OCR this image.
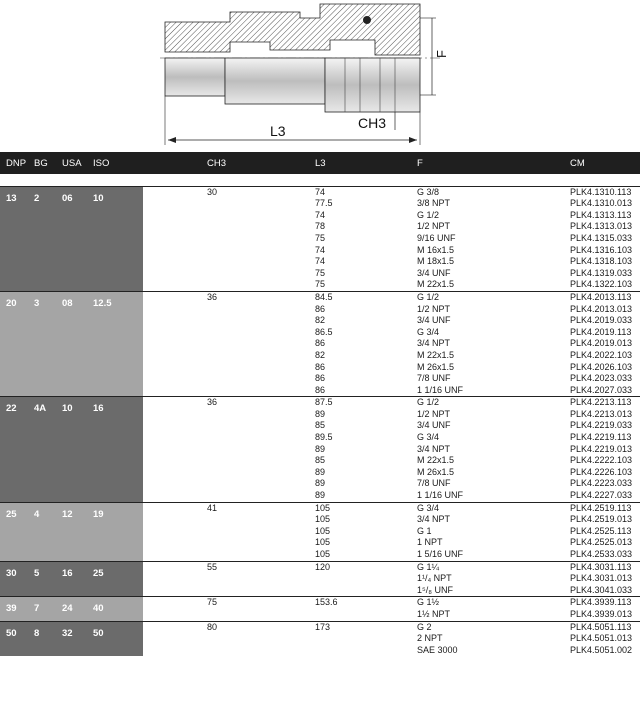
L3	CH3
F
DNP	BG	USA	ISO	CH3	L3	F	CM

13	2	06	10	30	74	G 3/8	PLK4.1310.113
					77.5	3/8 NPT	PLK4.1310.013
					74	G 1/2	PLK4.1313.113
					78	1/2 NPT	PLK4.1313.013
					75	9/16 UNF	PLK4.1315.033
					74	M 16x1.5	PLK4.1316.103
					74	M 18x1.5	PLK4.1318.103
					75	3/4 UNF	PLK4.1319.033
					75	M 22x1.5	PLK4.1322.103
20	3	08	12.5	36	84.5	G 1/2	PLK4.2013.113
					86	1/2 NPT	PLK4.2013.013
					82	3/4 UNF	PLK4.2019.033
					86.5	G 3/4	PLK4.2019.113
					86	3/4 NPT	PLK4.2019.013
					82	M 22x1.5	PLK4.2022.103
					86	M 26x1.5	PLK4.2026.103
					86	7/8 UNF	PLK4.2023.033
					86	1 1/16 UNF	PLK4.2027.033
22	4A	10	16	36	87.5	G 1/2	PLK4.2213.113
					89	1/2 NPT	PLK4.2213.013
					85	3/4 UNF	PLK4.2219.033
					89.5	G 3/4	PLK4.2219.113
					89	3/4 NPT	PLK4.2219.013
					85	M 22x1.5	PLK4.2222.103
					89	M 26x1.5	PLK4.2226.103
					89	7/8 UNF	PLK4.2223.033
					89	1 1/16 UNF	PLK4.2227.033
25	4	12	19	41	105	G 3/4	PLK4.2519.113
					105	3/4 NPT	PLK4.2519.013
					105	G 1	PLK4.2525.113
					105	1 NPT	PLK4.2525.013
					105	1 5/16 UNF	PLK4.2533.033
30	5	16	25	55	120	G 1¼	PLK4.3031.113
						1¹/₄ NPT	PLK4.3031.013
						1⁵/₈ UNF	PLK4.3041.033
39	7	24	40	75	153.6	G 1½	PLK4.3939.113
						1½ NPT	PLK4.3939.013
50	8	32	50	80	173	G 2	PLK4.5051.113
						2 NPT	PLK4.5051.013
						SAE 3000	PLK4.5051.002
